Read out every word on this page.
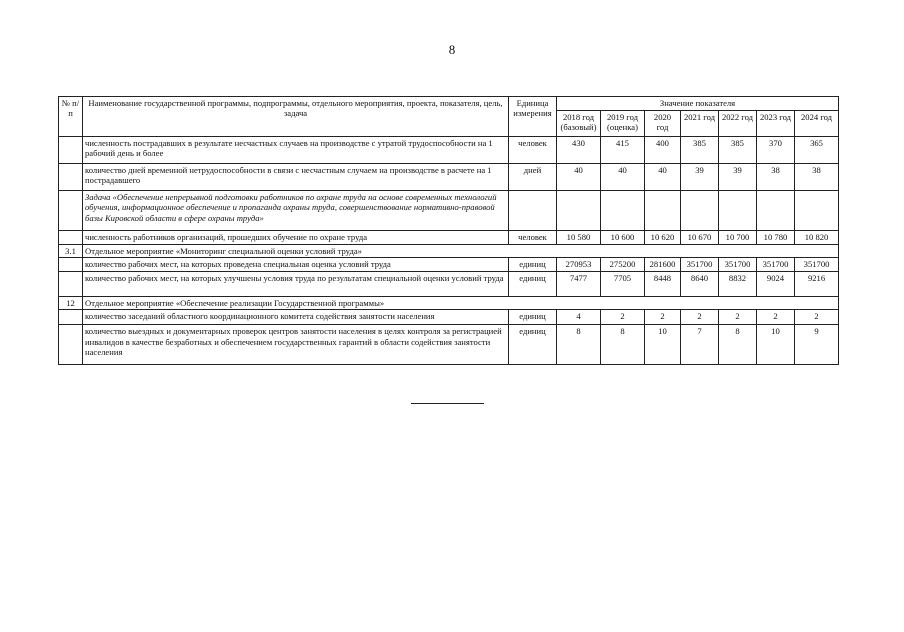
8
№ п/п	Наименование государственной программы, подпрограммы, отдельного мероприятия, проекта, показателя, цель, задача	Единица измерения	Значение показателя						
			2018 год (базовый)	2019 год (оценка)	2020 год	2021 год	2022 год	2023 год	2024 год
	численность пострадавших в результате несчастных случаев на производстве с утратой трудоспособности на 1 рабочий день и более	человек	430	415	400	385	385	370	365
	количество дней временной нетрудоспособности в связи с несчастным случаем на производстве в расчете на 1 пострадавшего	дней	40	40	40	39	39	38	38
	Задача «Обеспечение непрерывной подготовки работников по охране труда на основе современных технологий обучения, информационное обеспечение и пропаганда охраны труда, совершенствование нормативно-правовой базы Кировской области в сфере охраны труда»								
	численность работников организаций, прошедших обучение по охране труда	человек	10 580	10 600	10 620	10 670	10 700	10 780	10 820
3.1	Отдельное мероприятие «Мониторинг специальной оценки условий труда»								
	количество рабочих мест, на которых проведена специальная оценка условий труда	единиц	270953	275200	281600	351700	351700	351700	351700
	количество рабочих мест, на которых улучшены условия труда по результатам специальной оценки условий труда	единиц	7477	7705	8448	8640	8832	9024	9216
12	Отдельное мероприятие «Обеспечение реализации Государственной программы»								
	количество заседаний областного координационного комитета содействия занятости населения	единиц	4	2	2	2	2	2	2
	количество выездных и документарных проверок центров занятости населения в целях контроля за регистрацией инвалидов в качестве безработных и обеспечением государственных гарантий в области содействия занятости населения	единиц	8	8	10	7	8	10	9
